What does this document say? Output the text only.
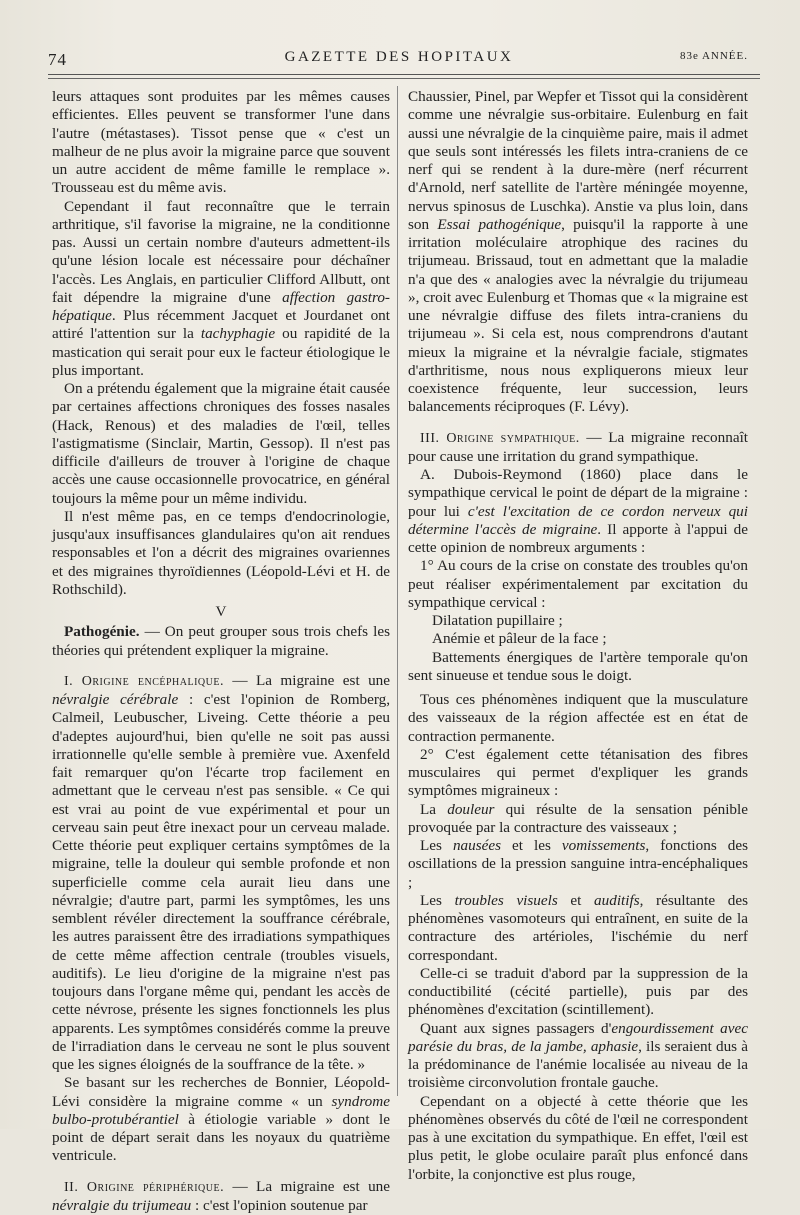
74	GAZETTE DES HOPITAUX	83e ANNÉE.

leurs attaques sont produites par les mêmes causes efficientes. Elles peuvent se transformer l'une dans l'autre (métastases). Tissot pense que « c'est un malheur de ne plus avoir la migraine parce que souvent un autre accident de même famille le remplace ». Trousseau est du même avis.

Cependant il faut reconnaître que le terrain arthritique, s'il favorise la migraine, ne la conditionne pas. Aussi un certain nombre d'auteurs admettent-ils qu'une lésion locale est nécessaire pour déchaîner l'accès. Les Anglais, en particulier Clifford Allbutt, ont fait dépendre la migraine d'une affection gastro-hépatique. Plus récemment Jacquet et Jourdanet ont attiré l'attention sur la tachyphagie ou rapidité de la mastication qui serait pour eux le facteur étiologique le plus important.

On a prétendu également que la migraine était causée par certaines affections chroniques des fosses nasales (Hack, Renous) et des maladies de l'œil, telles l'astigmatisme (Sinclair, Martin, Gessop). Il n'est pas difficile d'ailleurs de trouver à l'origine de chaque accès une cause occasionnelle provocatrice, en général toujours la même pour un même individu.

Il n'est même pas, en ce temps d'endocrinologie, jusqu'aux insuffisances glandulaires qu'on ait rendues responsables et l'on a décrit des migraines ovariennes et des migraines thyroïdiennes (Léopold-Lévi et H. de Rothschild).

V

Pathogénie. — On peut grouper sous trois chefs les théories qui prétendent expliquer la migraine.

I. Origine encéphalique. — La migraine est une névralgie cérébrale : c'est l'opinion de Romberg, Calmeil, Leubuscher, Liveing. Cette théorie a peu d'adeptes aujourd'hui, bien qu'elle ne soit pas aussi irrationnelle qu'elle semble à première vue. Axenfeld fait remarquer qu'on l'écarte trop facilement en admettant que le cerveau n'est pas sensible. « Ce qui est vrai au point de vue expérimental et pour un cerveau sain peut être inexact pour un cerveau malade. Cette théorie peut expliquer certains symptômes de la migraine, telle la douleur qui semble profonde et non superficielle comme cela aurait lieu dans une névralgie; d'autre part, parmi les symptômes, les uns semblent révéler directement la souffrance cérébrale, les autres paraissent être des irradiations sympathiques de cette même affection centrale (troubles visuels, auditifs). Le lieu d'origine de la migraine n'est pas toujours dans l'organe même qui, pendant les accès de cette névrose, présente les signes fonctionnels les plus apparents. Les symptômes considérés comme la preuve de l'irradiation dans le cerveau ne sont le plus souvent que les signes éloignés de la souffrance de la tête. »

Se basant sur les recherches de Bonnier, Léopold-Lévi considère la migraine comme « un syndrome bulbo-protubérantiel à étiologie variable » dont le point de départ serait dans les noyaux du quatrième ventricule.

II. Origine périphérique. — La migraine est une névralgie du trijumeau : c'est l'opinion soutenue par

Chaussier, Pinel, par Wepfer et Tissot qui la considèrent comme une névralgie sus-orbitaire. Eulenburg en fait aussi une névralgie de la cinquième paire, mais il admet que seuls sont intéressés les filets intra-craniens de ce nerf qui se rendent à la dure-mère (nerf récurrent d'Arnold, nerf satellite de l'artère méningée moyenne, nervus spinosus de Luschka). Anstie va plus loin, dans son Essai pathogénique, puisqu'il la rapporte à une irritation moléculaire atrophique des racines du trijumeau. Brissaud, tout en admettant que la maladie n'a que des « analogies avec la névralgie du trijumeau », croit avec Eulenburg et Thomas que « la migraine est une névralgie diffuse des filets intra-craniens du trijumeau ». Si cela est, nous comprendrons d'autant mieux la migraine et la névralgie faciale, stigmates d'arthritisme, nous nous expliquerons mieux leur coexistence fréquente, leur succession, leurs balancements réciproques (F. Lévy).

III. Origine sympathique. — La migraine reconnaît pour cause une irritation du grand sympathique.

A. Dubois-Reymond (1860) place dans le sympathique cervical le point de départ de la migraine : pour lui c'est l'excitation de ce cordon nerveux qui détermine l'accès de migraine. Il apporte à l'appui de cette opinion de nombreux arguments :

1° Au cours de la crise on constate des troubles qu'on peut réaliser expérimentalement par excitation du sympathique cervical :

Dilatation pupillaire ;

Anémie et pâleur de la face ;

Battements énergiques de l'artère temporale qu'on sent sinueuse et tendue sous le doigt.

Tous ces phénomènes indiquent que la musculature des vaisseaux de la région affectée est en état de contraction permanente.

2° C'est également cette tétanisation des fibres musculaires qui permet d'expliquer les grands symptômes migraineux :

La douleur qui résulte de la sensation pénible provoquée par la contracture des vaisseaux ;

Les nausées et les vomissements, fonctions des oscillations de la pression sanguine intra-encéphaliques ;

Les troubles visuels et auditifs, résultante des phénomènes vasomoteurs qui entraînent, en suite de la contracture des artérioles, l'ischémie du nerf correspondant.

Celle-ci se traduit d'abord par la suppression de la conductibilité (cécité partielle), puis par des phénomènes d'excitation (scintillement).

Quant aux signes passagers d'engourdissement avec parésie du bras, de la jambe, aphasie, ils seraient dus à la prédominance de l'anémie localisée au niveau de la troisième circonvolution frontale gauche.

Cependant on a objecté à cette théorie que les phénomènes observés du côté de l'œil ne correspondent pas à une excitation du sympathique. En effet, l'œil est plus petit, le globe oculaire paraît plus enfoncé dans l'orbite, la conjonctive est plus rouge,
